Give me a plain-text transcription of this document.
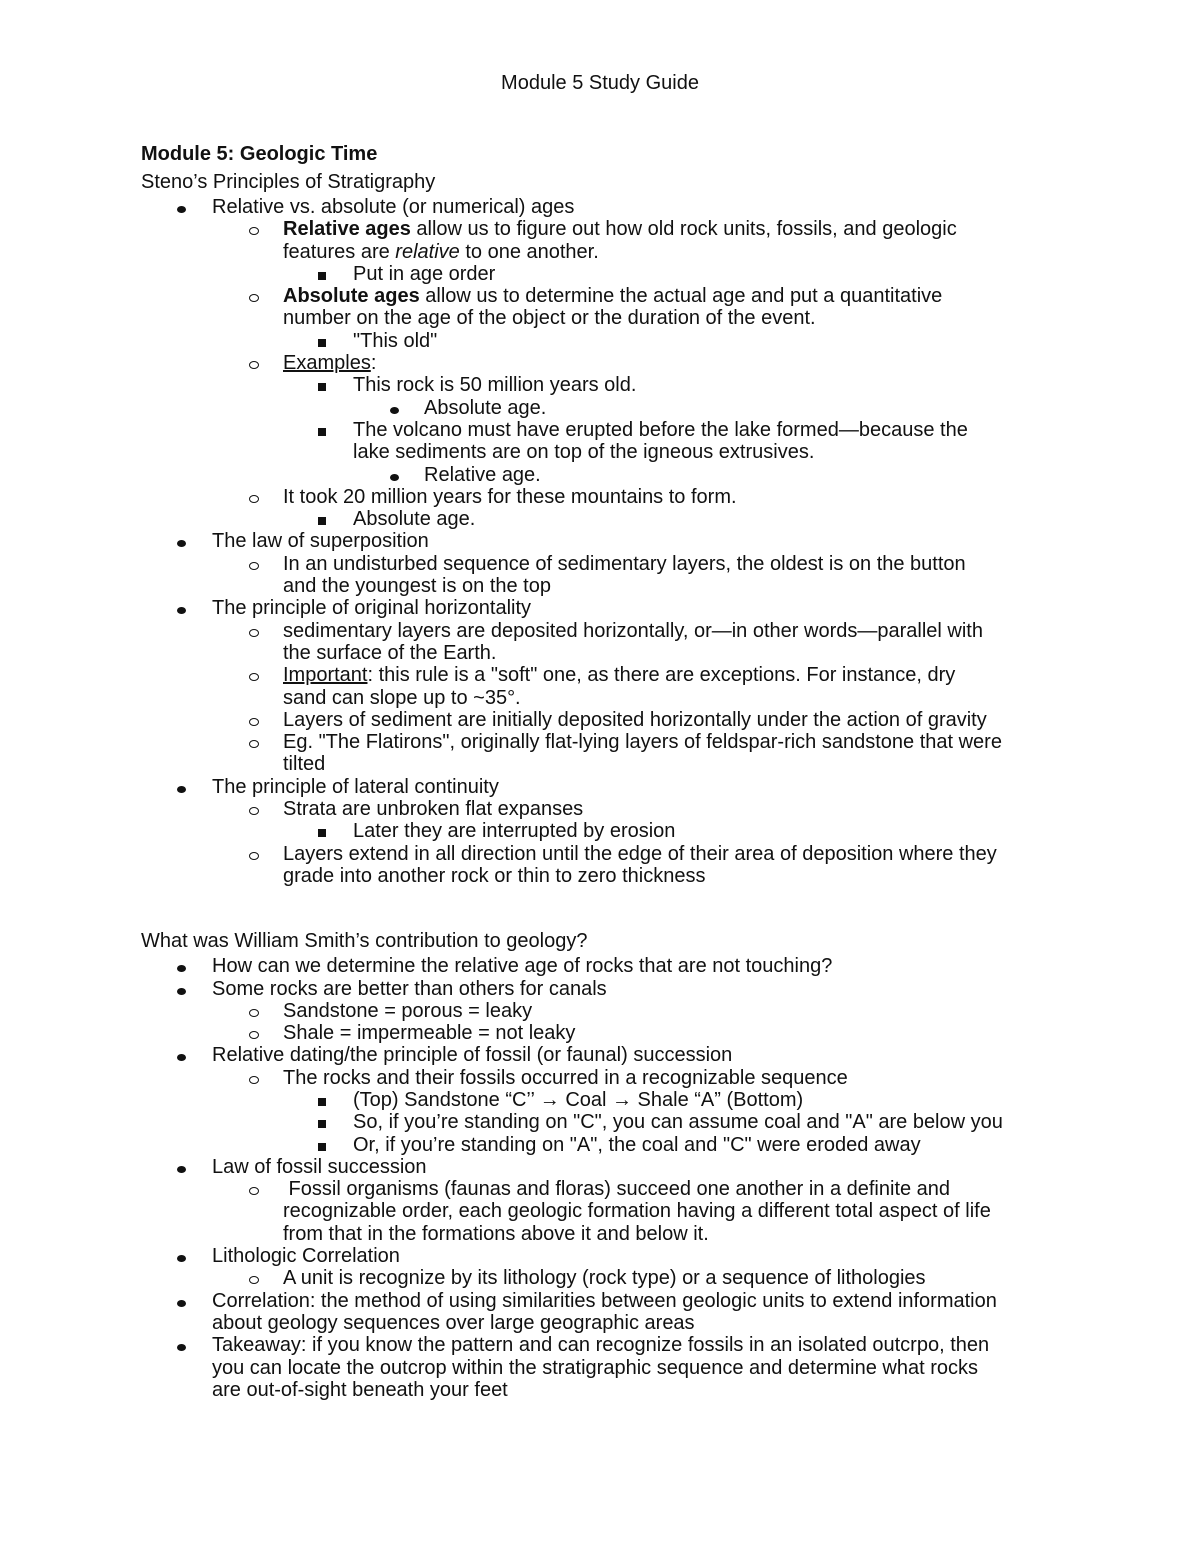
Module 5 Study Guide
Module 5: Geologic Time
Steno’s Principles of Stratigraphy
Relative vs. absolute (or numerical) ages
Relative ages allow us to figure out how old rock units, fossils, and geologic
features are relative to one another.
Put in age order
Absolute ages allow us to determine the actual age and put a quantitative
number on the age of the object or the duration of the event.
"This old"
Examples:
This rock is 50 million years old.
Absolute age.
The volcano must have erupted before the lake formed—because the
lake sediments are on top of the igneous extrusives.
Relative age.
It took 20 million years for these mountains to form.
Absolute age.
The law of superposition
In an undisturbed sequence of sedimentary layers, the oldest is on the button
and the youngest is on the top
The principle of original horizontality
sedimentary layers are deposited horizontally, or—in other words—parallel with
the surface of the Earth.
Important: this rule is a "soft" one, as there are exceptions. For instance, dry
sand can slope up to ~35°.
Layers of sediment are initially deposited horizontally under the action of gravity
Eg. "The Flatirons", originally flat-lying layers of feldspar-rich sandstone that were
tilted
The principle of lateral continuity
Strata are unbroken flat expanses
Later they are interrupted by erosion
Layers extend in all direction until the edge of their area of deposition where they
grade into another rock or thin to zero thickness
What was William Smith’s contribution to geology?
How can we determine the relative age of rocks that are not touching?
Some rocks are better than others for canals
Sandstone = porous = leaky
Shale = impermeable = not leaky
Relative dating/the principle of fossil (or faunal) succession
The rocks and their fossils occurred in a recognizable sequence
(Top) Sandstone “C’’ → Coal → Shale “A” (Bottom)
So, if you’re standing on "C", you can assume coal and "A" are below you
Or, if you’re standing on "A", the coal and "C" were eroded away
Law of fossil succession
Fossil organisms (faunas and floras) succeed one another in a definite and
recognizable order, each geologic formation having a different total aspect of life
from that in the formations above it and below it.
Lithologic Correlation
A unit is recognize by its lithology (rock type) or a sequence of lithologies
Correlation: the method of using similarities between geologic units to extend information
about geology sequences over large geographic areas
Takeaway: if you know the pattern and can recognize fossils in an isolated outcrpo, then
you can locate the outcrop within the stratigraphic sequence and determine what rocks
are out-of-sight beneath your feet
